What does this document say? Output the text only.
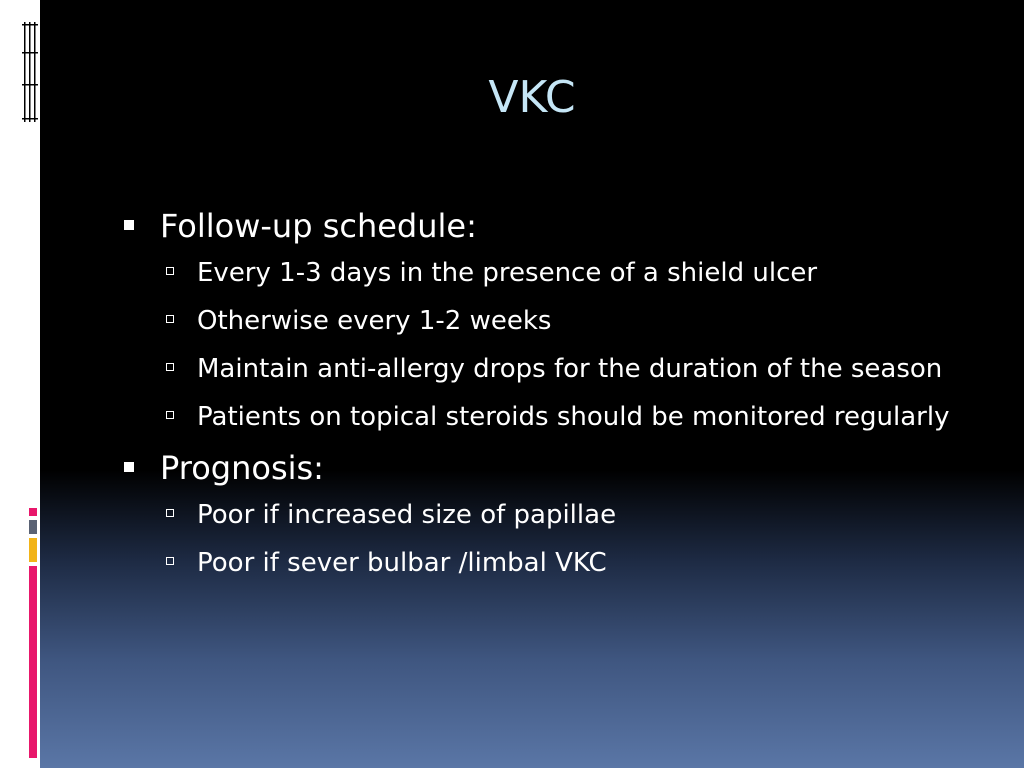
VKC
Follow-up schedule:
Every 1-3 days in the presence of a shield ulcer
Otherwise every 1-2 weeks
Maintain anti-allergy drops for the duration of the season
Patients on topical steroids should be monitored regularly
Prognosis:
Poor if increased size of papillae
Poor if sever bulbar /limbal VKC
